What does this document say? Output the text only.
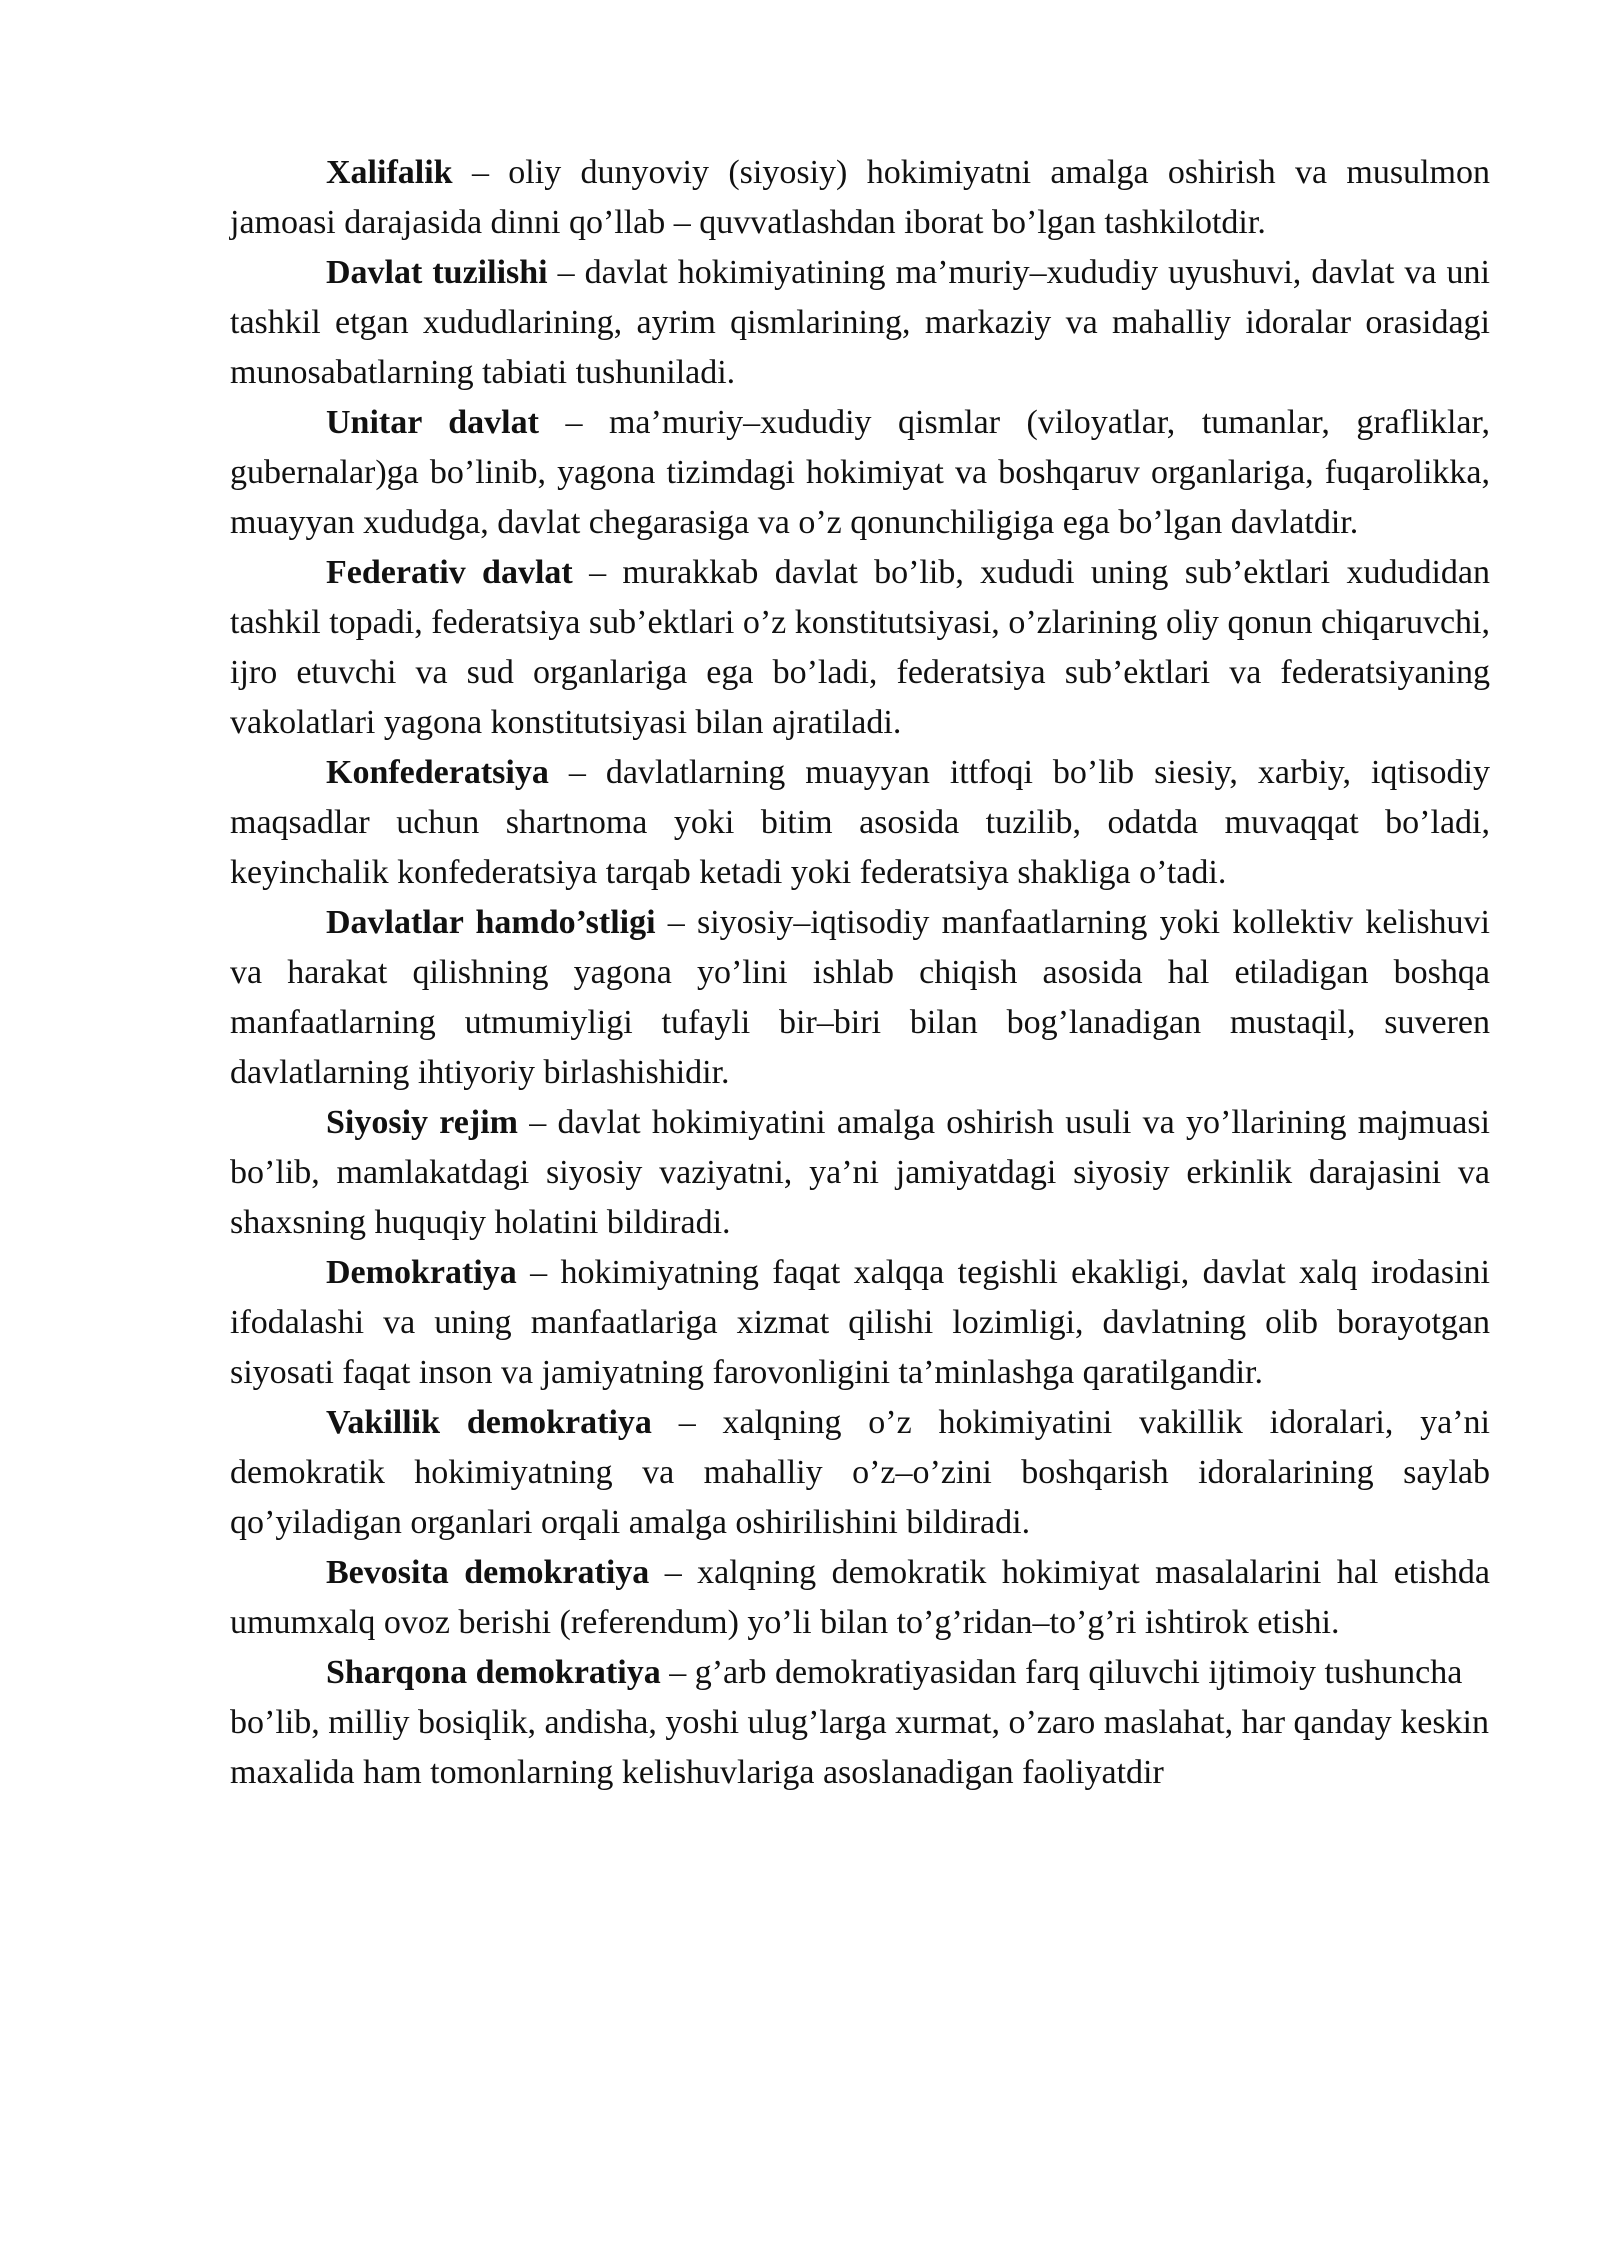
Xalifalik – oliy dunyoviy (siyosiy) hokimiyatni amalga oshirish va musulmon jamoasi darajasida dinni qo’llab – quvvatlashdan iborat bo’lgan tashkilotdir.

Davlat tuzilishi – davlat hokimiyatining ma’muriy–xududiy uyushuvi, davlat va uni tashkil etgan xududlarining, ayrim qismlarining, markaziy va mahalliy idoralar orasidagi munosabatlarning tabiati tushuniladi.

Unitar davlat – ma’muriy–xududiy qismlar (viloyatlar, tumanlar, grafliklar, gubernalar)ga bo’linib, yagona tizimdagi hokimiyat va boshqaruv organlariga, fuqarolikka, muayyan xududga, davlat chegarasiga va o’z qonunchiligiga ega bo’lgan davlatdir.

Federativ davlat – murakkab davlat bo’lib, xududi uning sub’ektlari xududidan tashkil topadi, federatsiya sub’ektlari o’z konstitutsiyasi, o’zlarining oliy qonun chiqaruvchi, ijro etuvchi va sud organlariga ega bo’ladi, federatsiya sub’ektlari va federatsiyaning vakolatlari yagona konstitutsiyasi bilan ajratiladi.

Konfederatsiya – davlatlarning muayyan ittfoqi bo’lib siesiy, xarbiy, iqtisodiy maqsadlar uchun shartnoma yoki bitim asosida tuzilib, odatda muvaqqat bo’ladi, keyinchalik konfederatsiya tarqab ketadi yoki federatsiya shakliga o’tadi.

Davlatlar hamdo’stligi – siyosiy–iqtisodiy manfaatlarning yoki kollektiv kelishuvi va harakat qilishning yagona yo’lini ishlab chiqish asosida hal etiladigan boshqa manfaatlarning utmumiyligi tufayli bir–biri bilan bog’lanadigan mustaqil, suveren davlatlarning ihtiyoriy birlashishidir.

Siyosiy rejim – davlat hokimiyatini amalga oshirish usuli va yo’llarining majmuasi bo’lib, mamlakatdagi siyosiy vaziyatni, ya’ni jamiyatdagi siyosiy erkinlik darajasini va shaxsning huquqiy holatini bildiradi.

Demokratiya – hokimiyatning faqat xalqqa tegishli ekakligi, davlat xalq irodasini ifodalashi va uning manfaatlariga xizmat qilishi lozimligi, davlatning olib borayotgan siyosati faqat inson va jamiyatning farovonligini ta’minlashga qaratilgandir.

Vakillik demokratiya – xalqning o’z hokimiyatini vakillik idoralari, ya’ni demokratik hokimiyatning va mahalliy o’z–o’zini boshqarish idoralarining saylab qo’yiladigan organlari orqali amalga oshirilishini bildiradi.

Bevosita demokratiya – xalqning demokratik hokimiyat masalalarini hal etishda umumxalq ovoz berishi (referendum) yo’li bilan to’g’ridan–to’g’ri ishtirok etishi.

Sharqona demokratiya – g’arb demokratiyasidan farq qiluvchi ijtimoiy tushuncha bo’lib, milliy bosiqlik, andisha, yoshi ulug’larga xurmat, o’zaro maslahat, har qanday keskin maxalida ham tomonlarning kelishuvlariga asoslanadigan faoliyatdir
